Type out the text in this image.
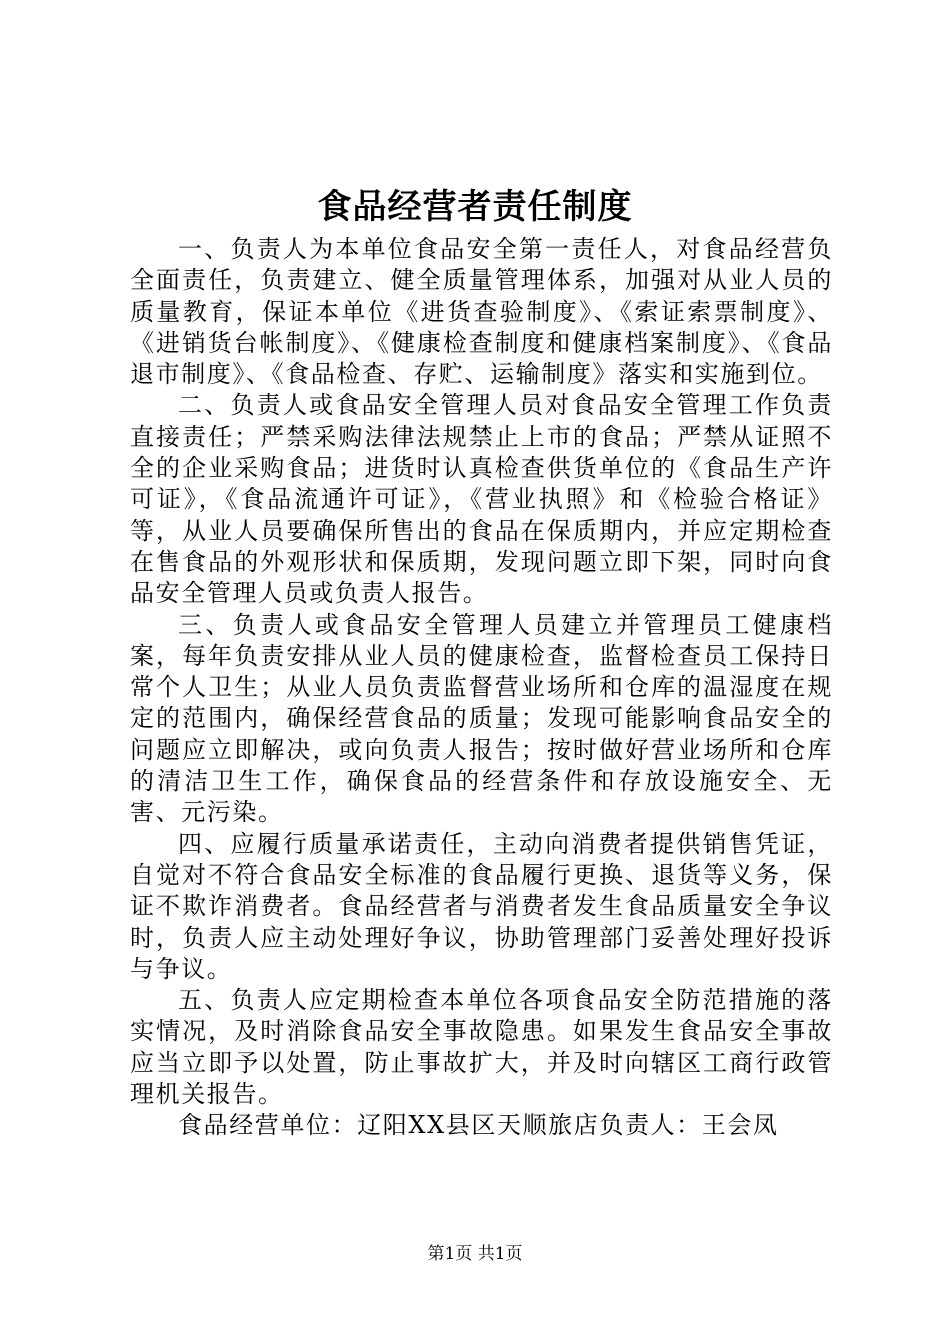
食品经营者责任制度

一、负责人为本单位食品安全第一责任人，对食品经营负全面责任，负责建立、健全质量管理体系，加强对从业人员的质量教育，保证本单位《进货查验制度》、《索证索票制度》、《进销货台帐制度》、《健康检查制度和健康档案制度》、《食品退市制度》、《食品检查、存贮、运输制度》落实和实施到位。

二、负责人或食品安全管理人员对食品安全管理工作负责直接责任；严禁采购法律法规禁止上市的食品；严禁从证照不全的企业采购食品；进货时认真检查供货单位的《食品生产许可证》，《食品流通许可证》，《营业执照》和《检验合格证》等，从业人员要确保所售出的食品在保质期内，并应定期检查在售食品的外观形状和保质期，发现问题立即下架，同时向食品安全管理人员或负责人报告。

三、负责人或食品安全管理人员建立并管理员工健康档案，每年负责安排从业人员的健康检查，监督检查员工保持日常个人卫生；从业人员负责监督营业场所和仓库的温湿度在规定的范围内，确保经营食品的质量；发现可能影响食品安全的问题应立即解决，或向负责人报告；按时做好营业场所和仓库的清洁卫生工作，确保食品的经营条件和存放设施安全、无害、元污染。

四、应履行质量承诺责任，主动向消费者提供销售凭证，自觉对不符合食品安全标准的食品履行更换、退货等义务，保证不欺诈消费者。食品经营者与消费者发生食品质量安全争议时，负责人应主动处理好争议，协助管理部门妥善处理好投诉与争议。

五、负责人应定期检查本单位各项食品安全防范措施的落实情况，及时消除食品安全事故隐患。如果发生食品安全事故应当立即予以处置，防止事故扩大，并及时向辖区工商行政管理机关报告。

食品经营单位：辽阳XX县区天顺旅店负责人：王会凤

第1页 共1页
